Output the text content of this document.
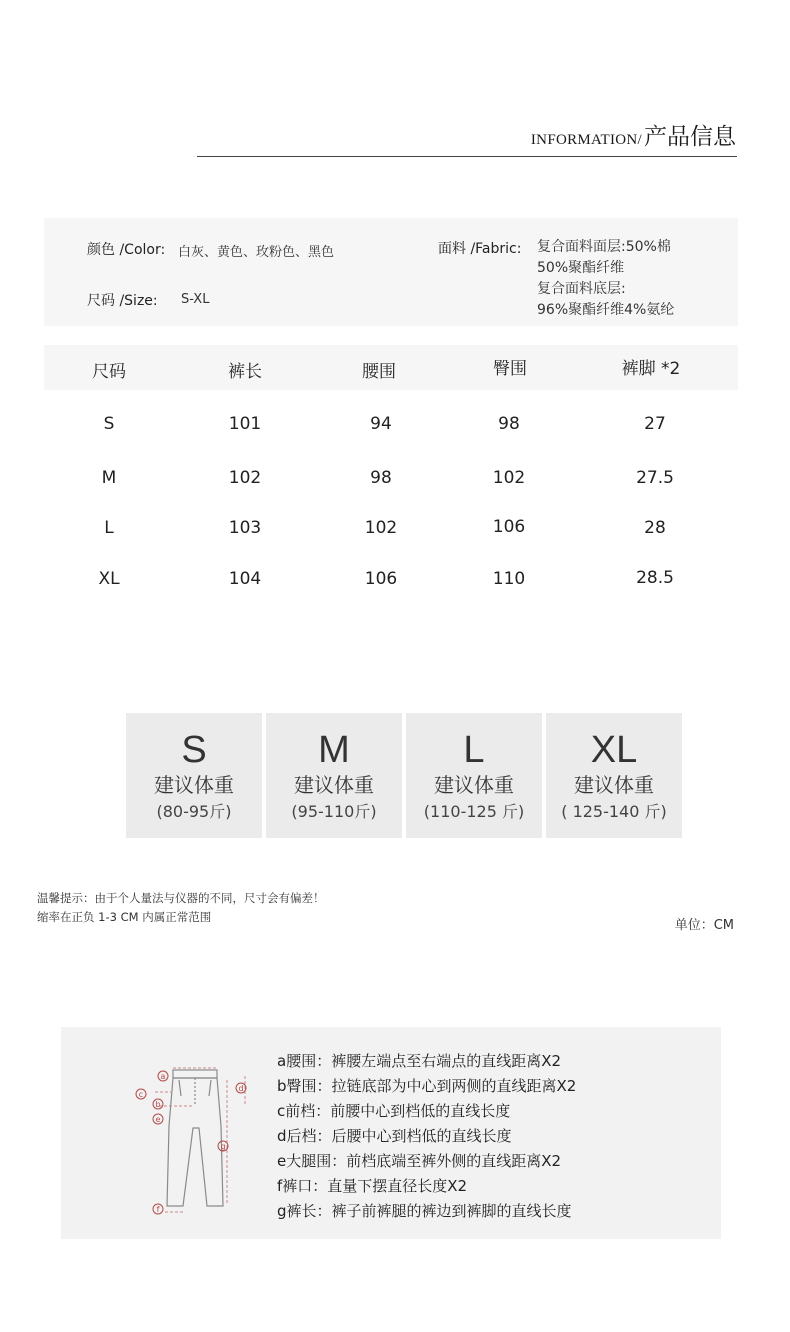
INFORMATION/产品信息
颜色 /Color: 白灰、黄色、玫粉色、黑色
尺码 /Size: S-XL
面料 /Fabric: 复合面料面层:50%棉
50%聚酯纤维
复合面料底层:
96%聚酯纤维4%氨纶
尺码	裤长	腰围	臀围	裤脚 *2
S	101	94	98	27
M	102	98	102	27.5
L	103	102	106	28
XL	104	106	110	28.5
S
建议体重
(80-95斤)
M
建议体重
(95-110斤)
L
建议体重
(110-125 斤)
XL
建议体重
( 125-140 斤)
温馨提示：由于个人量法与仪器的不同，尺寸会有偏差！
缩率在正负 1-3 CM 内属正常范围
单位：CM
a
b
c
d
e
f
g
a腰围：裤腰左端点至右端点的直线距离X2
b臀围：拉链底部为中心到两侧的直线距离X2
c前档：前腰中心到档低的直线长度
d后档：后腰中心到档低的直线长度
e大腿围：前档底端至裤外侧的直线距离X2
f裤口：直量下摆直径长度X2
g裤长：裤子前裤腿的裤边到裤脚的直线长度
